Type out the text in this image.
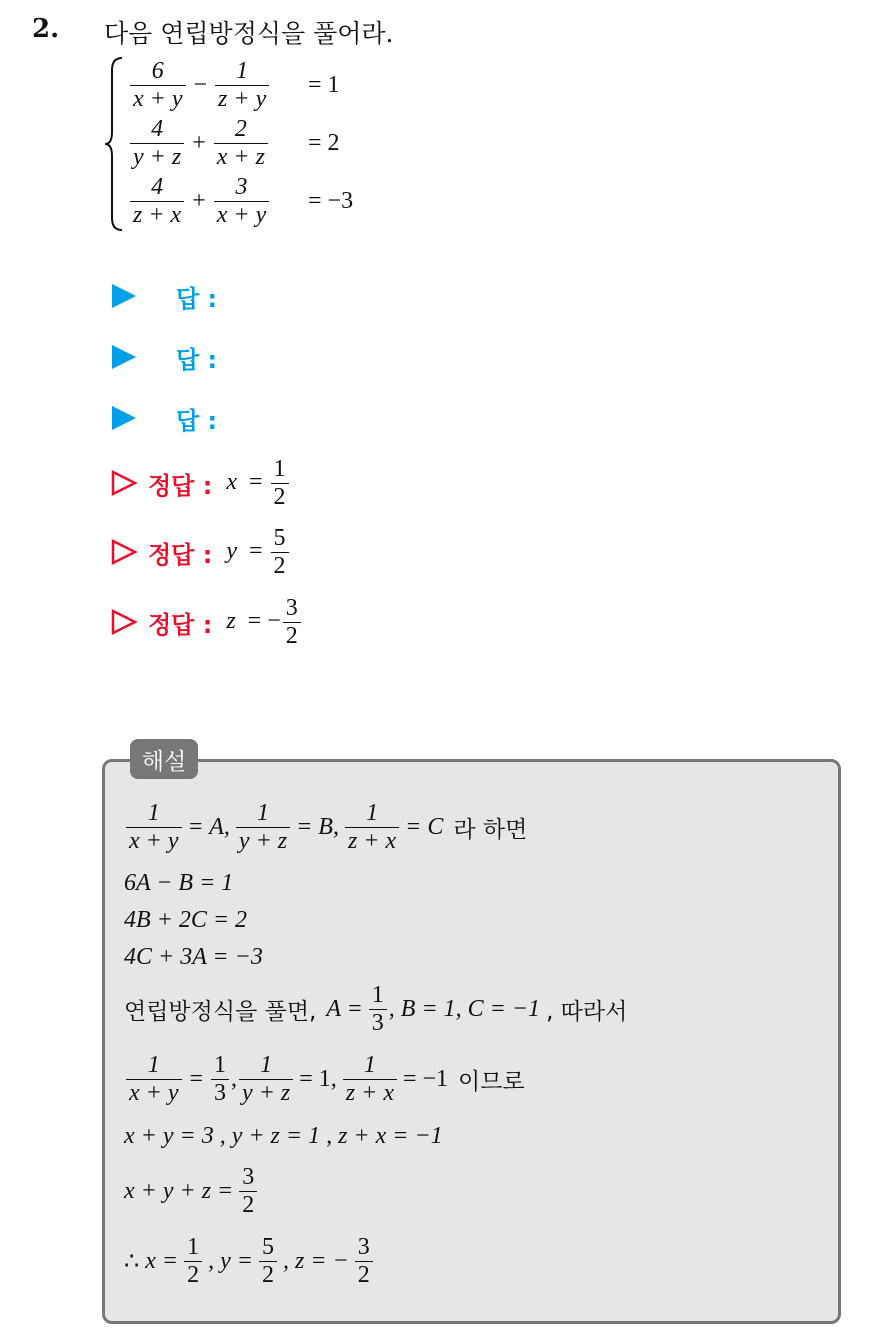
2. 다음 연립방정식을 풀어라.
$\frac{6}{x + y} - \frac{1}{z + y} = 1$
$\frac{4}{y + z} + \frac{2}{x + z} = 2$
$\frac{4}{z + x} + \frac{3}{x + y} = -3$
답 :
답 :
답 :
정답 : $x = \frac{1}{2}$
정답 : $y = \frac{5}{2}$
정답 : z = − $\frac{3}{2}$
해설
$\frac{1}{x + y} = A$, $\frac{1}{y + z} = B$, $\frac{1}{z + x} = C$ 라 하면
6A − B = 1
4B + 2C = 2
4C + 3A = −3
연립방정식을 풀면, $A = \frac{1}{3}$ , B = 1, C = −1 , 따라서
$\frac{1}{x + y} = \frac{1}{3}$ , $\frac{1}{y + z} = 1$, $\frac{1}{z + x} = -1$ 이므로
x + y = 3 , y + z = 1 , z + x = −1
$x + y + z = \frac{3}{2}$
∴ $x = \frac{1}{2}$ , $y = \frac{5}{2}$ , z = − $\frac{3}{2}$
